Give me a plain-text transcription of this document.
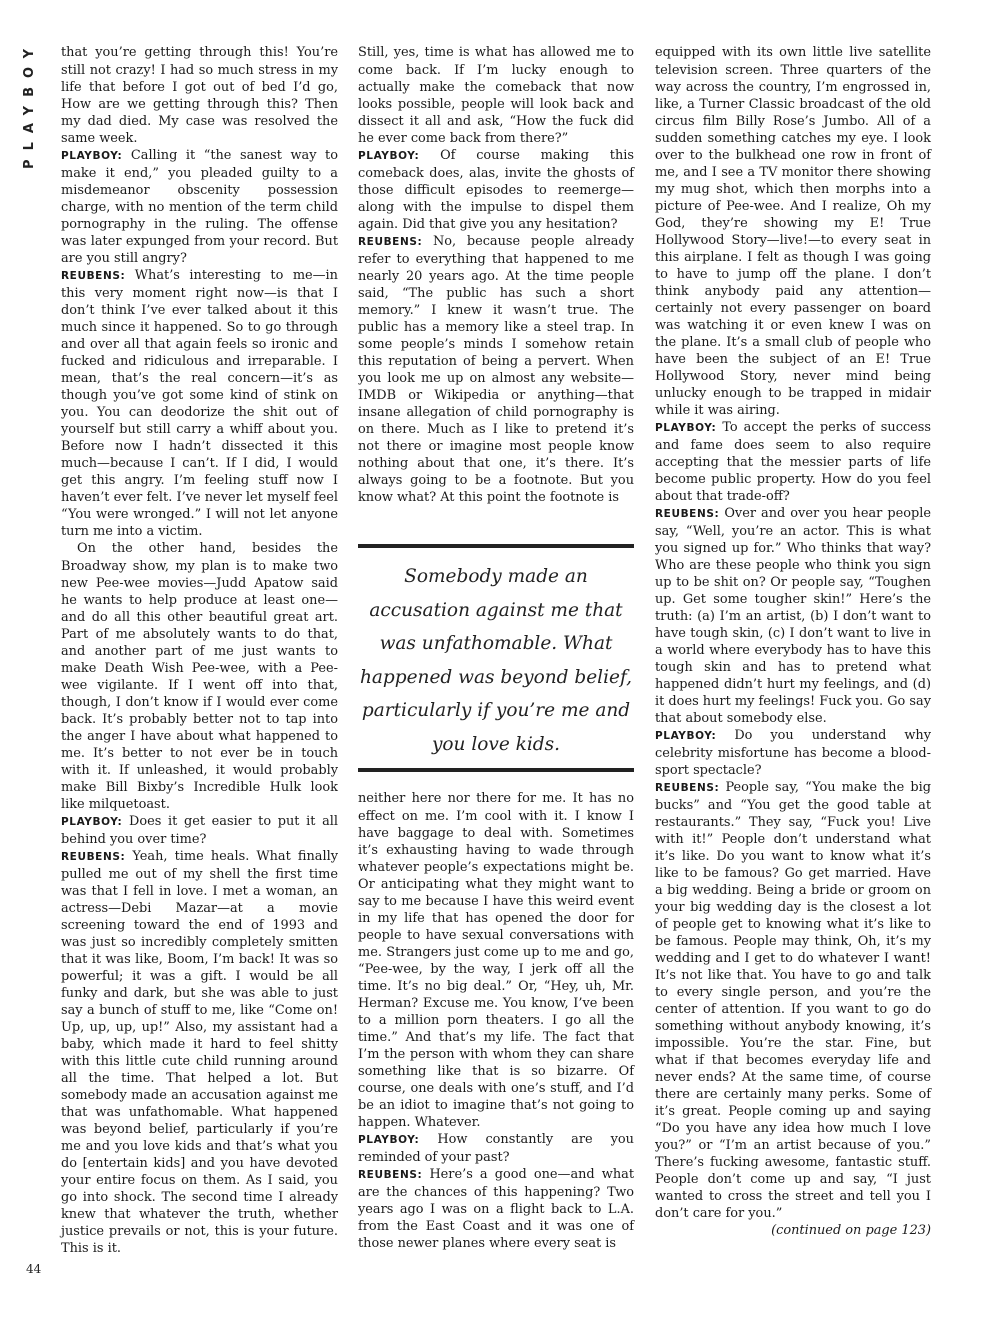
PLAYBOY	that you’re getting through this! You’re still not crazy! I had so much stress in my life that before I got out of bed I’d go, How are we getting through this? Then my dad died. My case was resolved the same week.

PLAYBOY: Calling it “the sanest way to make it end,” you pleaded guilty to a misdemeanor obscenity possession charge, with no mention of the term child pornography in the ruling. The offense was later expunged from your record. But are you still angry?

REUBENS: What’s interesting to me—in this very moment right now—is that I don’t think I’ve ever talked about it this much since it happened. So to go through and over all that again feels so ironic and fucked and ridiculous and irreparable. I mean, that’s the real concern—it’s as though you’ve got some kind of stink on you. You can deodorize the shit out of yourself but still carry a whiff about you. Before now I hadn’t dissected it this much—because I can’t. If I did, I would get this angry. I’m feeling stuff now I haven’t ever felt. I’ve never let myself feel “You were wronged.” I will not let anyone turn me into a victim.

On the other hand, besides the Broadway show, my plan is to make two new Pee-wee movies—Judd Apatow said he wants to help produce at least one—and do all this other beautiful great art. Part of me absolutely wants to do that, and another part of me just wants to make Death Wish Pee-wee, with a Pee-wee vigilante. If I went off into that, though, I don’t know if I would ever come back. It’s probably better not to tap into the anger I have about what happened to me. It’s better to not ever be in touch with it. If unleashed, it would probably make Bill Bixby’s Incredible Hulk look like milquetoast.

PLAYBOY: Does it get easier to put it all behind you over time?

REUBENS: Yeah, time heals. What finally pulled me out of my shell the first time was that I fell in love. I met a woman, an actress—Debi Mazar—at a movie screening toward the end of 1993 and was just so incredibly completely smitten that it was like, Boom, I’m back! It was so powerful; it was a gift. I would be all funky and dark, but she was able to just say a bunch of stuff to me, like “Come on! Up, up, up, up!” Also, my assistant had a baby, which made it hard to feel shitty with this little cute child running around all the time. That helped a lot. But somebody made an accusation against me that was unfathomable. What happened was beyond belief, particularly if you’re me and you love kids and that’s what you do [entertain kids] and you have devoted your entire focus on them. As I said, you go into shock. The second time I already knew that whatever the truth, whether justice prevails or not, this is your future. This is it.

Still, yes, time is what has allowed me to come back. If I’m lucky enough to actually make the comeback that now looks possible, people will look back and dissect it all and ask, “How the fuck did he ever come back from there?”

PLAYBOY: Of course making this comeback does, alas, invite the ghosts of those difficult episodes to reemerge—along with the impulse to dispel them again. Did that give you any hesitation?

REUBENS: No, because people already refer to everything that happened to me nearly 20 years ago. At the time people said, “The public has such a short memory.” I knew it wasn’t true. The public has a memory like a steel trap. In some people’s minds I somehow retain this reputation of being a pervert. When you look me up on almost any website—IMDB or Wikipedia or anything—that insane allegation of child pornography is on there. Much as I like to pretend it’s not there or imagine most people know nothing about that one, it’s there. It’s always going to be a footnote. But you know what? At this point the footnote is

Somebody made an accusation against me that was unfathomable. What happened was beyond belief, particularly if you’re me and you love kids.

neither here nor there for me. It has no effect on me. I’m cool with it. I know I have baggage to deal with. Sometimes it’s exhausting having to wade through whatever people’s expectations might be. Or anticipating what they might want to say to me because I have this weird event in my life that has opened the door for people to have sexual conversations with me. Strangers just come up to me and go, “Pee-wee, by the way, I jerk off all the time. It’s no big deal.” Or, “Hey, uh, Mr. Herman? Excuse me. You know, I’ve been to a million porn theaters. I go all the time.” And that’s my life. The fact that I’m the person with whom they can share something like that is so bizarre. Of course, one deals with one’s stuff, and I’d be an idiot to imagine that’s not going to happen. Whatever.

PLAYBOY: How constantly are you reminded of your past?

REUBENS: Here’s a good one—and what are the chances of this happening? Two years ago I was on a flight back to L.A. from the East Coast and it was one of those newer planes where every seat is

equipped with its own little live satellite television screen. Three quarters of the way across the country, I’m engrossed in, like, a Turner Classic broadcast of the old circus film Billy Rose’s Jumbo. All of a sudden something catches my eye. I look over to the bulkhead one row in front of me, and I see a TV monitor there showing my mug shot, which then morphs into a picture of Pee-wee. And I realize, Oh my God, they’re showing my E! True Hollywood Story—live!—to every seat in this airplane. I felt as though I was going to have to jump off the plane. I don’t think anybody paid any attention—certainly not every passenger on board was watching it or even knew I was on the plane. It’s a small club of people who have been the subject of an E! True Hollywood Story, never mind being unlucky enough to be trapped in midair while it was airing.

PLAYBOY: To accept the perks of success and fame does seem to also require accepting that the messier parts of life become public property. How do you feel about that trade-off?

REUBENS: Over and over you hear people say, “Well, you’re an actor. This is what you signed up for.” Who thinks that way? Who are these people who think you sign up to be shit on? Or people say, “Toughen up. Get some tougher skin!” Here’s the truth: (a) I’m an artist, (b) I don’t want to have tough skin, (c) I don’t want to live in a world where everybody has to have this tough skin and has to pretend what happened didn’t hurt my feelings, and (d) it does hurt my feelings! Fuck you. Go say that about somebody else.

PLAYBOY: Do you understand why celebrity misfortune has become a blood-sport spectacle?

REUBENS: People say, “You make the big bucks” and “You get the good table at restaurants.” They say, “Fuck you! Live with it!” People don’t understand what it’s like. Do you want to know what it’s like to be famous? Go get married. Have a big wedding. Being a bride or groom on your big wedding day is the closest a lot of people get to knowing what it’s like to be famous. People may think, Oh, it’s my wedding and I get to do whatever I want! It’s not like that. You have to go and talk to every single person, and you’re the center of attention. If you want to go do something without anybody knowing, it’s impossible. You’re the star. Fine, but what if that becomes everyday life and never ends? At the same time, of course there are certainly many perks. Some of it’s great. People coming up and saying “Do you have any idea how much I love you?” or “I’m an artist because of you.” There’s fucking awesome, fantastic stuff. People don’t come up and say, “I just wanted to cross the street and tell you I don’t care for you.”

(continued on page 123)

44
